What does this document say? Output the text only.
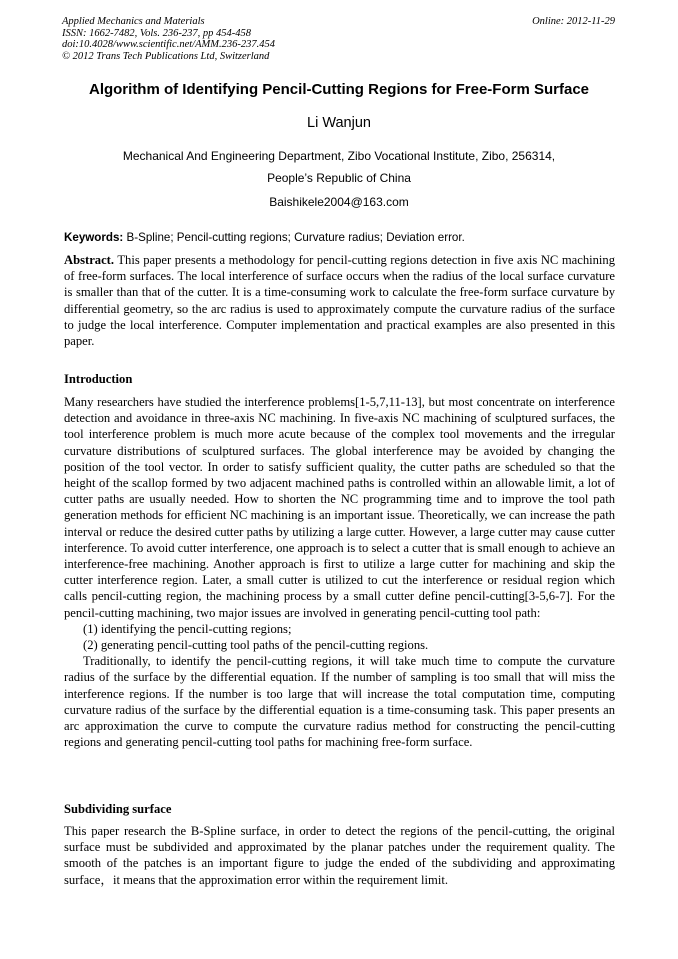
Applied Mechanics and Materials
ISSN: 1662-7482, Vols. 236-237, pp 454-458
doi:10.4028/www.scientific.net/AMM.236-237.454
© 2012 Trans Tech Publications Ltd, Switzerland
Online: 2012-11-29
Algorithm of Identifying Pencil-Cutting Regions for Free-Form Surface
Li Wanjun
Mechanical And Engineering Department, Zibo Vocational Institute, Zibo, 256314,
People’s Republic of China
Baishikele2004@163.com
Keywords: B-Spline; Pencil-cutting regions; Curvature radius; Deviation error.

Abstract. This paper presents a methodology for pencil-cutting regions detection in five axis NC machining of free-form surfaces. The local interference of surface occurs when the radius of the local surface curvature is smaller than that of the cutter. It is a time-consuming work to calculate the free-form surface curvature by differential geometry, so the arc radius is used to approximately compute the curvature radius of the surface to judge the local interference. Computer implementation and practical examples are also presented in this paper.

Introduction

Many researchers have studied the interference problems[1-5,7,11-13], but most concentrate on interference detection and avoidance in three-axis NC machining. In five-axis NC machining of sculptured surfaces, the tool interference problem is much more acute because of the complex tool movements and the irregular curvature distributions of sculptured surfaces. The global interference may be avoided by changing the position of the tool vector. In order to satisfy sufficient quality, the cutter paths are scheduled so that the height of the scallop formed by two adjacent machined paths is controlled within an allowable limit, a lot of cutter paths are usually needed. How to shorten the NC programming time and to improve the tool path generation methods for efficient NC machining is an important issue. Theoretically, we can increase the path interval or reduce the desired cutter paths by utilizing a large cutter. However, a large cutter may cause cutter interference. To avoid cutter interference, one approach is to select a cutter that is small enough to achieve an interference-free machining. Another approach is first to utilize a large cutter for machining and skip the cutter interference region. Later, a small cutter is utilized to cut the interference or residual region which calls pencil-cutting region, the machining process by a small cutter define pencil-cutting[3-5,6-7]. For the pencil-cutting machining, two major issues are involved in generating pencil-cutting tool path:

(1) identifying the pencil-cutting regions;

(2) generating pencil-cutting tool paths of the pencil-cutting regions.

Traditionally, to identify the pencil-cutting regions, it will take much time to compute the curvature radius of the surface by the differential equation. If the number of sampling is too small that will miss the interference regions. If the number is too large that will increase the total computation time, computing curvature radius of the surface by the differential equation is a time-consuming task. This paper presents an arc approximation the curve to compute the curvature radius method for constructing the pencil-cutting regions and generating pencil-cutting tool paths for machining free-form surface.

Subdividing surface

This paper research the B-Spline surface, in order to detect the regions of the pencil-cutting, the original surface must be subdivided and approximated by the planar patches under the requirement quality. The smooth of the patches is an important figure to judge the ended of the subdividing and approximating surface，it means that the approximation error within the requirement limit.
